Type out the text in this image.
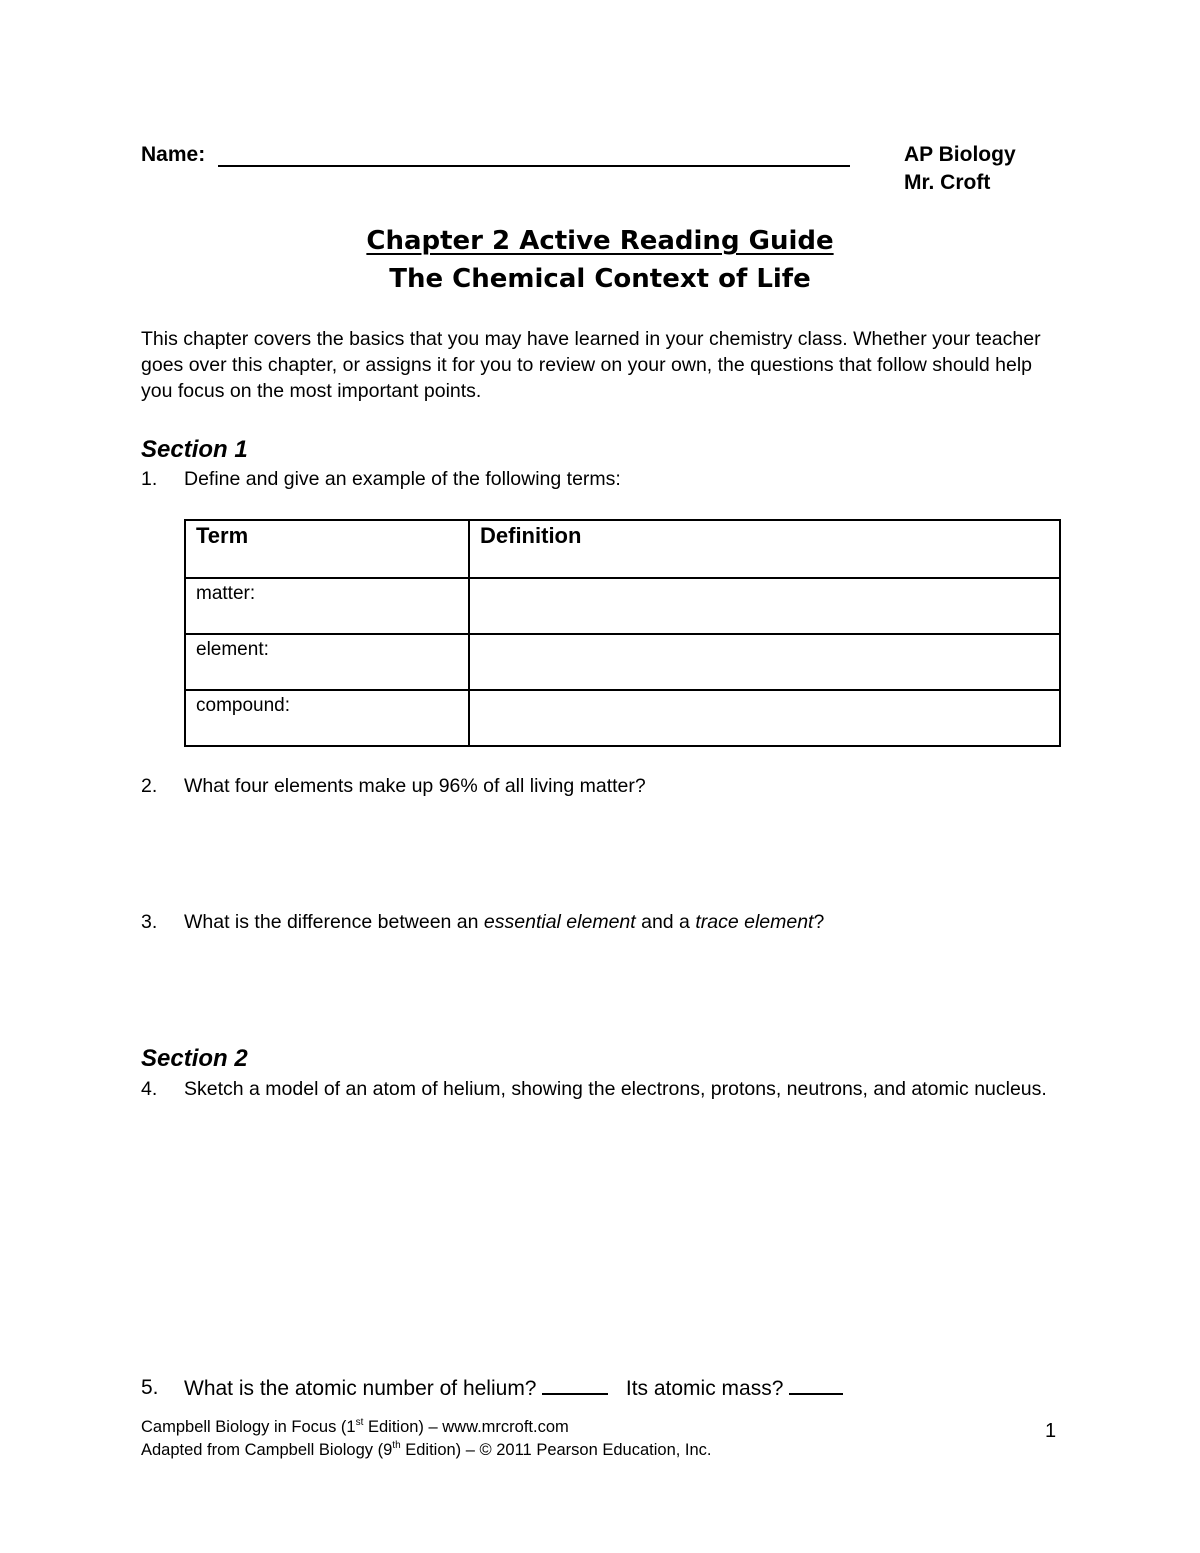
Name:	AP Biology
Mr. Croft
Chapter 2 Active Reading Guide
The Chemical Context of Life
This chapter covers the basics that you may have learned in your chemistry class. Whether your teacher goes over this chapter, or assigns it for you to review on your own, the questions that follow should help you focus on the most important points.
Section 1
1. Define and give an example of the following terms:
Term	Definition
matter:	
element:	
compound:	
2. What four elements make up 96% of all living matter?
3. What is the difference between an essential element and a trace element?
Section 2
4. Sketch a model of an atom of helium, showing the electrons, protons, neutrons, and atomic nucleus.
5. What is the atomic number of helium?	Its atomic mass?
Campbell Biology in Focus (1st Edition) – www.mrcroft.com
Adapted from Campbell Biology (9th Edition) – © 2011 Pearson Education, Inc.
1
